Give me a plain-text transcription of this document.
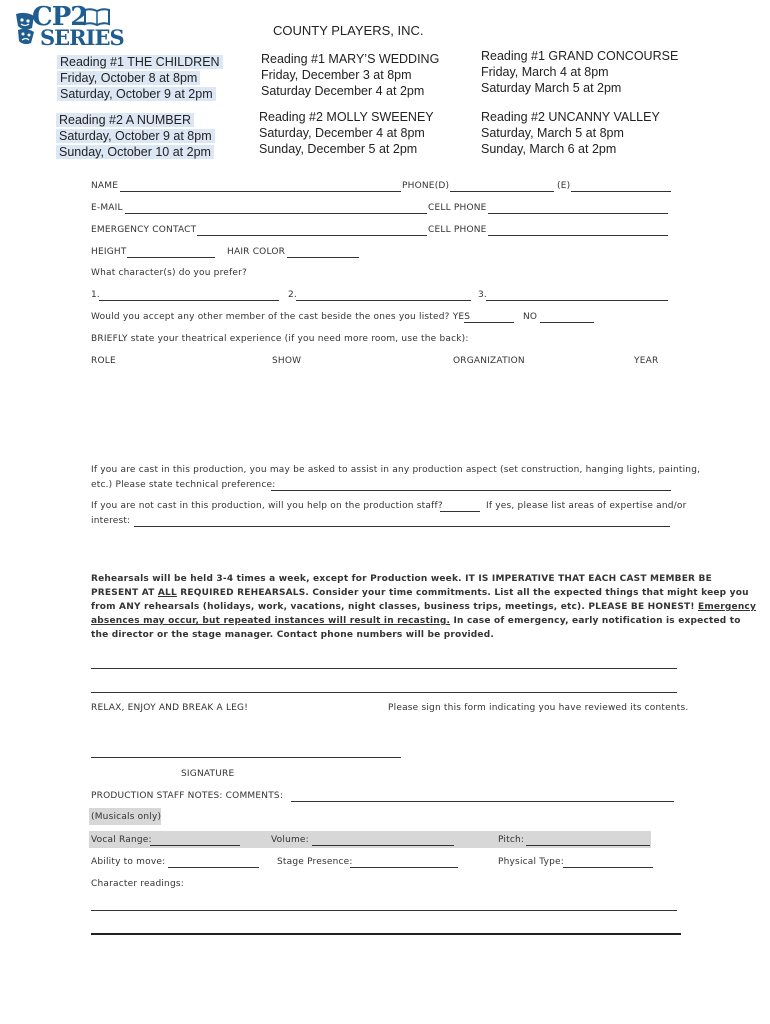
CP2
SERIES	COUNTY PLAYERS, INC.
Reading #1 THE CHILDREN
Friday, October 8 at 8pm
Saturday, October 9 at 2pm
Reading #2 A NUMBER
Saturday, October 9 at 8pm
Sunday, October 10 at 2pm
Reading #1 MARY’S WEDDING
Friday, December 3 at 8pm
Saturday December 4 at 2pm
Reading #2 MOLLY SWEENEY
Saturday, December 4 at 8pm
Sunday, December 5 at 2pm
Reading #1 GRAND CONCOURSE
Friday, March 4 at 8pm
Saturday March 5 at 2pm
Reading #2 UNCANNY VALLEY
Saturday, March 5 at 8pm
Sunday, March 6 at 2pm
NAME	PHONE(D)	(E)
E-MAIL	CELL PHONE
EMERGENCY CONTACT	CELL PHONE
HEIGHT	HAIR COLOR
What character(s) do you prefer?
1.	2.	3.
Would you accept any other member of the cast beside the ones you listed? YES	NO
BRIEFLY state your theatrical experience (if you need more room, use the back):
ROLE	SHOW	ORGANIZATION	YEAR
If you are cast in this production, you may be asked to assist in any production aspect (set construction, hanging lights, painting,
etc.) Please state technical preference:
If you are not cast in this production, will you help on the production staff?	If yes, please list areas of expertise and/or
interest:
Rehearsals will be held 3-4 times a week, except for Production week. IT IS IMPERATIVE THAT EACH CAST MEMBER BE
PRESENT AT ALL REQUIRED REHEARSALS. Consider your time commitments. List all the expected things that might keep you
from ANY rehearsals (holidays, work, vacations, night classes, business trips, meetings, etc). PLEASE BE HONEST! Emergency
absences may occur, but repeated instances will result in recasting. In case of emergency, early notification is expected to
the director or the stage manager. Contact phone numbers will be provided.
RELAX, ENJOY AND BREAK A LEG!	Please sign this form indicating you have reviewed its contents.
SIGNATURE
PRODUCTION STAFF NOTES: COMMENTS:
(Musicals only)
Vocal Range:	Volume:	Pitch:
Ability to move:	Stage Presence:	Physical Type:
Character readings:
